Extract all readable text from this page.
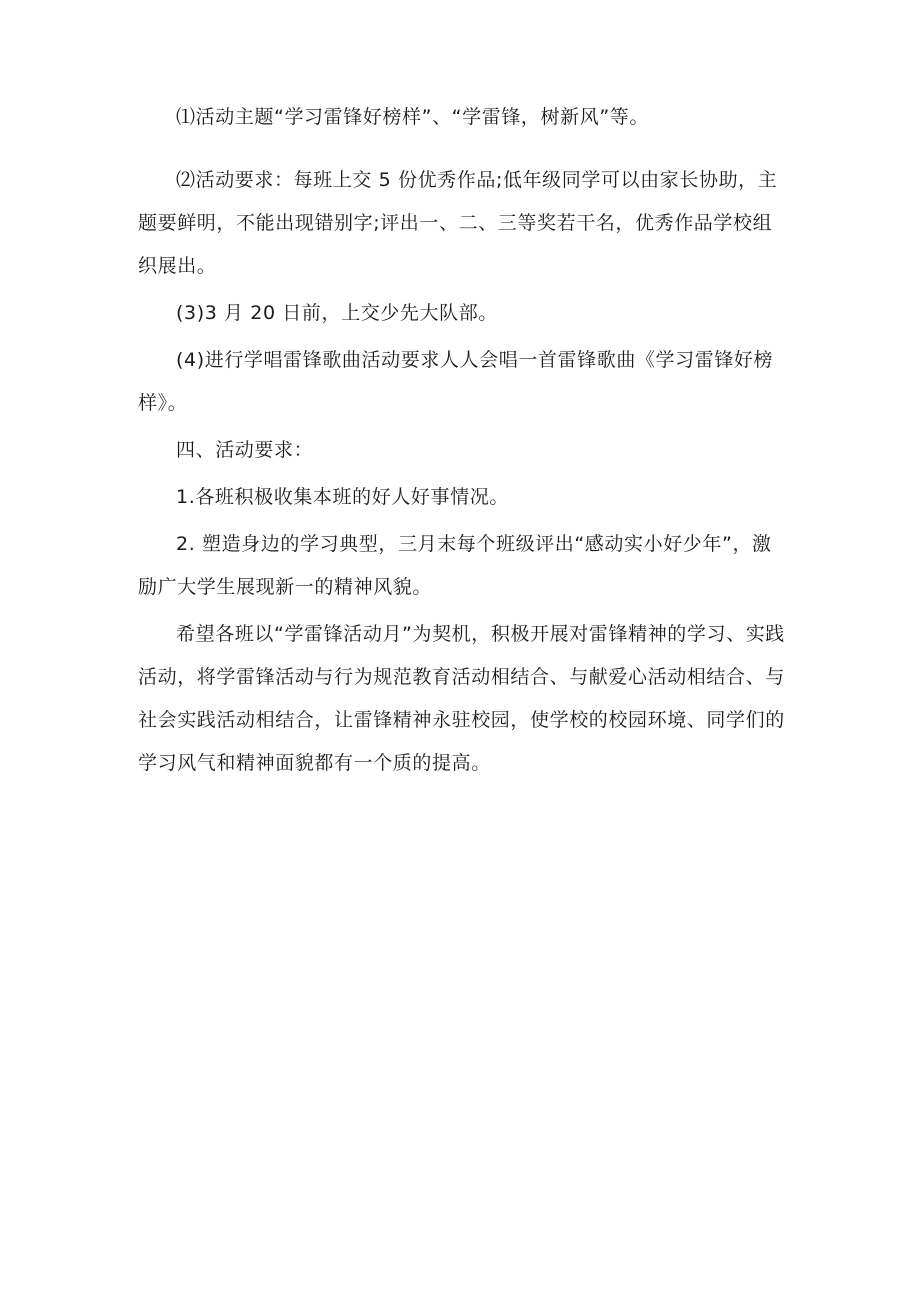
⑴活动主题“学习雷锋好榜样”、“学雷锋，树新风”等。

⑵活动要求：每班上交 5 份优秀作品;低年级同学可以由家长协助，主题要鲜明，不能出现错别字;评出一、二、三等奖若干名，优秀作品学校组织展出。

(3)3 月 20 日前，上交少先大队部。

(4)进行学唱雷锋歌曲活动要求人人会唱一首雷锋歌曲《学习雷锋好榜样》。

四、活动要求：

1.各班积极收集本班的好人好事情况。

2. 塑造身边的学习典型，三月末每个班级评出“感动实小好少年”，激励广大学生展现新一的精神风貌。

希望各班以“学雷锋活动月”为契机，积极开展对雷锋精神的学习、实践活动，将学雷锋活动与行为规范教育活动相结合、与献爱心活动相结合、与社会实践活动相结合，让雷锋精神永驻校园，使学校的校园环境、同学们的学习风气和精神面貌都有一个质的提高。
